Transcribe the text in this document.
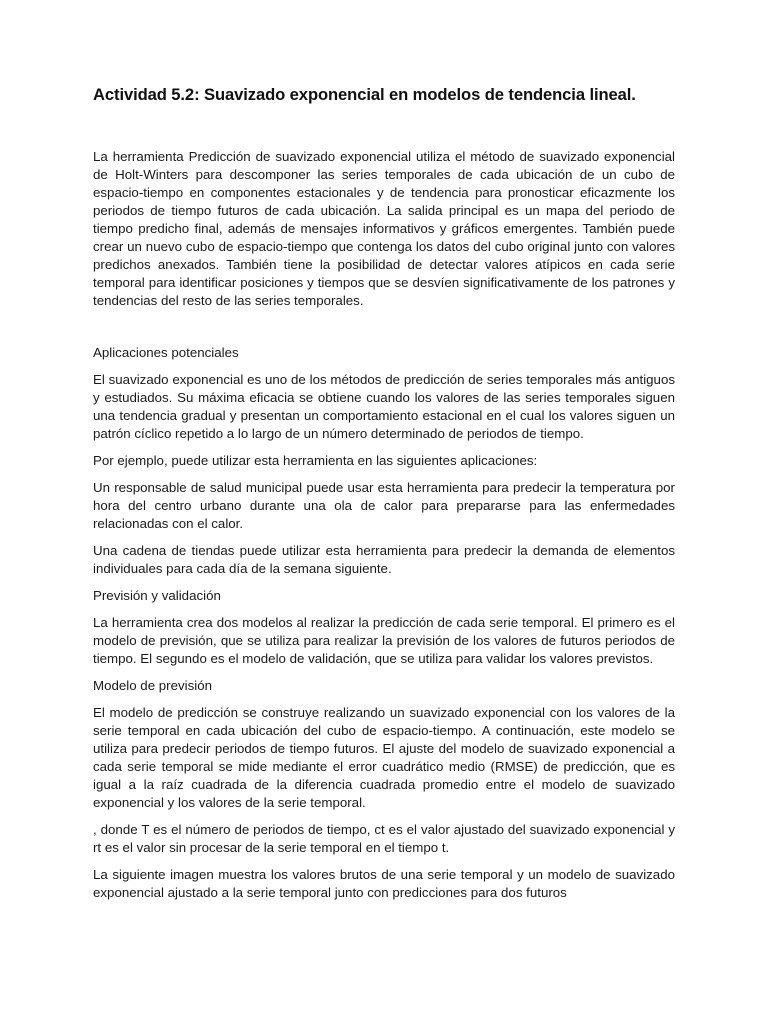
Actividad 5.2: Suavizado exponencial en modelos de tendencia lineal.

La herramienta Predicción de suavizado exponencial utiliza el método de suavizado exponencial de Holt-Winters para descomponer las series temporales de cada ubicación de un cubo de espacio-tiempo en componentes estacionales y de tendencia para pronosticar eficazmente los periodos de tiempo futuros de cada ubicación. La salida principal es un mapa del periodo de tiempo predicho final, además de mensajes informativos y gráficos emergentes. También puede crear un nuevo cubo de espacio-tiempo que contenga los datos del cubo original junto con valores predichos anexados. También tiene la posibilidad de detectar valores atípicos en cada serie temporal para identificar posiciones y tiempos que se desvíen significativamente de los patrones y tendencias del resto de las series temporales.

Aplicaciones potenciales

El suavizado exponencial es uno de los métodos de predicción de series temporales más antiguos y estudiados. Su máxima eficacia se obtiene cuando los valores de las series temporales siguen una tendencia gradual y presentan un comportamiento estacional en el cual los valores siguen un patrón cíclico repetido a lo largo de un número determinado de periodos de tiempo.

Por ejemplo, puede utilizar esta herramienta en las siguientes aplicaciones:

Un responsable de salud municipal puede usar esta herramienta para predecir la temperatura por hora del centro urbano durante una ola de calor para prepararse para las enfermedades relacionadas con el calor.

Una cadena de tiendas puede utilizar esta herramienta para predecir la demanda de elementos individuales para cada día de la semana siguiente.

Previsión y validación

La herramienta crea dos modelos al realizar la predicción de cada serie temporal. El primero es el modelo de previsión, que se utiliza para realizar la previsión de los valores de futuros periodos de tiempo. El segundo es el modelo de validación, que se utiliza para validar los valores previstos.

Modelo de previsión

El modelo de predicción se construye realizando un suavizado exponencial con los valores de la serie temporal en cada ubicación del cubo de espacio-tiempo. A continuación, este modelo se utiliza para predecir periodos de tiempo futuros. El ajuste del modelo de suavizado exponencial a cada serie temporal se mide mediante el error cuadrático medio (RMSE) de predicción, que es igual a la raíz cuadrada de la diferencia cuadrada promedio entre el modelo de suavizado exponencial y los valores de la serie temporal.

, donde T es el número de periodos de tiempo, ct es el valor ajustado del suavizado exponencial y rt es el valor sin procesar de la serie temporal en el tiempo t.

La siguiente imagen muestra los valores brutos de una serie temporal y un modelo de suavizado exponencial ajustado a la serie temporal junto con predicciones para dos futuros
